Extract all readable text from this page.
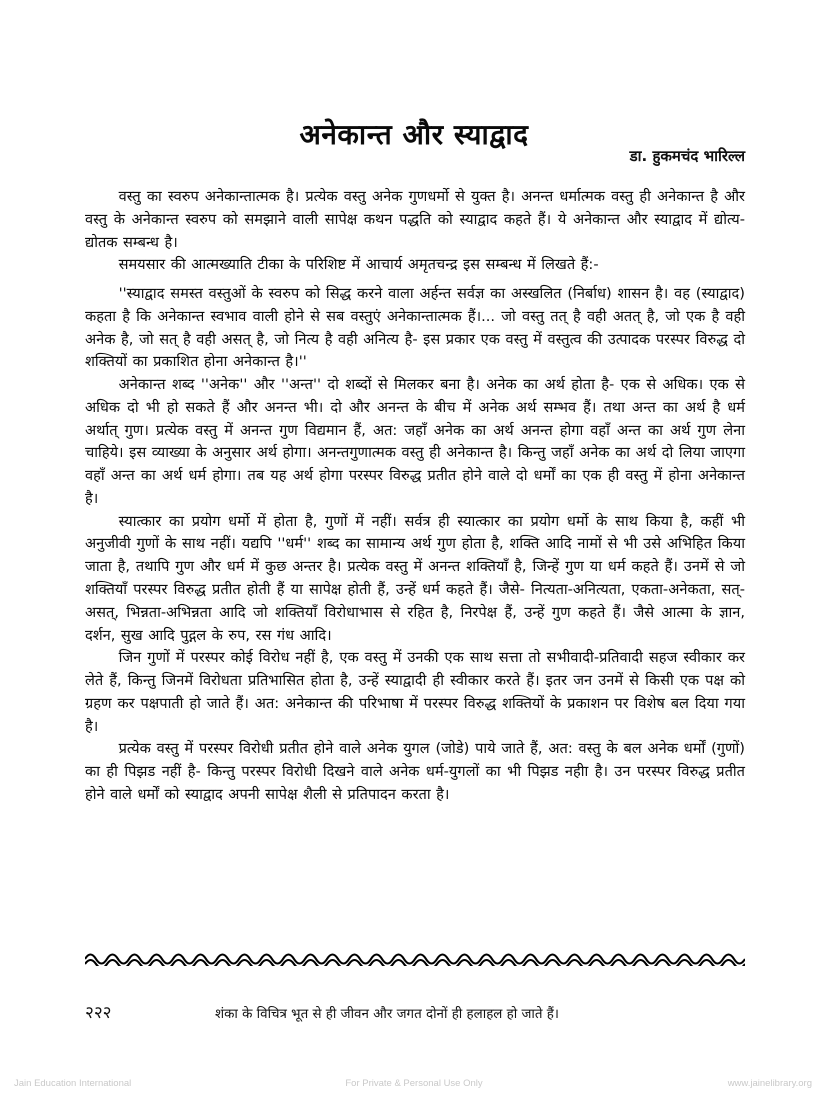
अनेकान्त और स्याद्वाद
डा. हुकमचंद भारिल्ल

वस्तु का स्वरुप अनेकान्तात्मक है। प्रत्येक वस्तु अनेक गुणधर्मो से युक्त है। अनन्त धर्मात्मक वस्तु ही अनेकान्त है और वस्तु के अनेकान्त स्वरुप को समझाने वाली सापेक्ष कथन पद्धति को स्याद्वाद कहते हैं। ये अनेकान्त और स्याद्वाद में द्योत्य-द्योतक सम्बन्ध है।

समयसार की आत्मख्याति टीका के परिशिष्ट में आचार्य अमृतचन्द्र इस सम्बन्ध में लिखते हैं:-

''स्याद्वाद समस्त वस्तुओं के स्वरुप को सिद्ध करने वाला अर्हन्त सर्वज्ञ का अस्खलित (निर्बाध) शासन है। वह (स्याद्वाद) कहता है कि अनेकान्त स्वभाव वाली होने से सब वस्तुएं अनेकान्तात्मक हैं।... जो वस्तु तत् है वही अतत् है, जो एक है वही अनेक है, जो सत् है वही असत् है, जो नित्य है वही अनित्य है- इस प्रकार एक वस्तु में वस्तुत्व की उत्पादक परस्पर विरुद्ध दो शक्तियों का प्रकाशित होना अनेकान्त है।''

अनेकान्त शब्द ''अनेक'' और ''अन्त'' दो शब्दों से मिलकर बना है। अनेक का अर्थ होता है- एक से अधिक। एक से अधिक दो भी हो सकते हैं और अनन्त भी। दो और अनन्त के बीच में अनेक अर्थ सम्भव हैं। तथा अन्त का अर्थ है धर्म अर्थात् गुण। प्रत्येक वस्तु में अनन्त गुण विद्यमान हैं, अत: जहाँ अनेक का अर्थ अनन्त होगा वहाँ अन्त का अर्थ गुण लेना चाहिये। इस व्याख्या के अनुसार अर्थ होगा। अनन्तगुणात्मक वस्तु ही अनेकान्त है। किन्तु जहाँ अनेक का अर्थ दो लिया जाएगा वहाँ अन्त का अर्थ धर्म होगा। तब यह अर्थ होगा परस्पर विरुद्ध प्रतीत होने वाले दो धर्मों का एक ही वस्तु में होना अनेकान्त है।

स्यात्कार का प्रयोग धर्मो में होता है, गुणों में नहीं। सर्वत्र ही स्यात्कार का प्रयोग धर्मो के साथ किया है, कहीं भी अनुजीवी गुणों के साथ नहीं। यद्यपि ''धर्म'' शब्द का सामान्य अर्थ गुण होता है, शक्ति आदि नामों से भी उसे अभिहित किया जाता है, तथापि गुण और धर्म में कुछ अन्तर है। प्रत्येक वस्तु में अनन्त शक्तियाँ है, जिन्हें गुण या धर्म कहते हैं। उनमें से जो शक्तियाँ परस्पर विरुद्ध प्रतीत होती हैं या सापेक्ष होती हैं, उन्हें धर्म कहते हैं। जैसे- नित्यता-अनित्यता, एकता-अनेकता, सत्-असत्, भिन्नता-अभिन्नता आदि जो शक्तियाँ विरोधाभास से रहित है, निरपेक्ष हैं, उन्हें गुण कहते हैं। जैसे आत्मा के ज्ञान, दर्शन, सुख आदि पुद्गल के रुप, रस गंध आदि।

जिन गुणों में परस्पर कोई विरोध नहीं है, एक वस्तु में उनकी एक साथ सत्ता तो सभीवादी-प्रतिवादी सहज स्वीकार कर लेते हैं, किन्तु जिनमें विरोधता प्रतिभासित होता है, उन्हें स्याद्वादी ही स्वीकार करते हैं। इतर जन उनमें से किसी एक पक्ष को ग्रहण कर पक्षपाती हो जाते हैं। अत: अनेकान्त की परिभाषा में परस्पर विरुद्ध शक्तियों के प्रकाशन पर विशेष बल दिया गया है।

प्रत्येक वस्तु में परस्पर विरोधी प्रतीत होने वाले अनेक युगल (जोडे) पाये जाते हैं, अत: वस्तु के बल अनेक धर्मों (गुणों) का ही पिझड नहीं है- किन्तु परस्पर विरोधी दिखने वाले अनेक धर्म-युगलों का भी पिझड नहीा है। उन परस्पर विरुद्ध प्रतीत होने वाले धर्मों को स्याद्वाद अपनी सापेक्ष शैली से प्रतिपादन करता है।

२२२	शंका के विचित्र भूत से ही जीवन और जगत दोनों ही हलाहल हो जाते हैं।
Jain Education International	For Private & Personal Use Only	www.jainelibrary.org
